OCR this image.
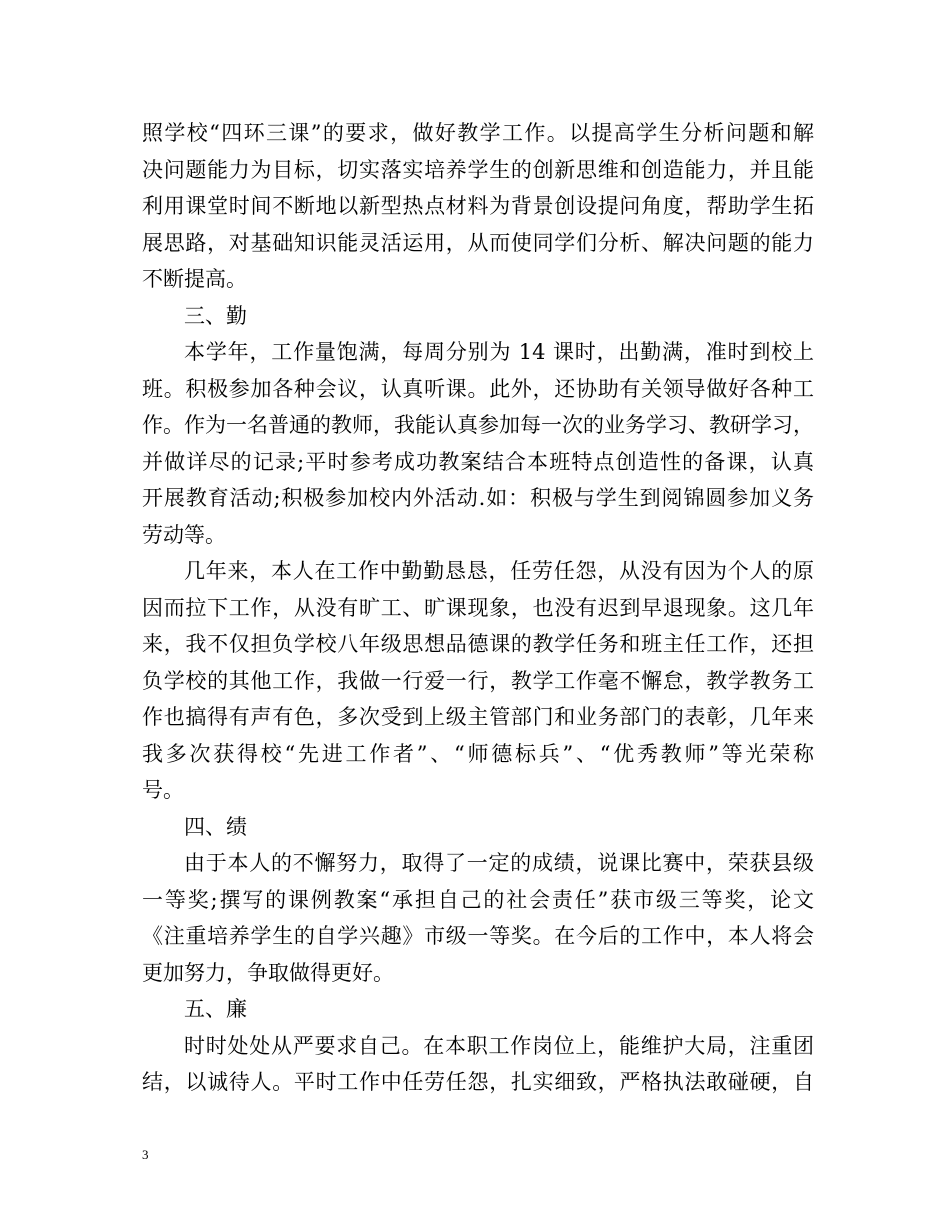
照学校“四环三课”的要求，做好教学工作。以提高学生分析问题和解
决问题能力为目标，切实落实培养学生的创新思维和创造能力，并且能
利用课堂时间不断地以新型热点材料为背景创设提问角度，帮助学生拓
展思路，对基础知识能灵活运用，从而使同学们分析、解决问题的能力
不断提高。
三、勤
本学年，工作量饱满，每周分别为 14 课时，出勤满，准时到校上
班。积极参加各种会议，认真听课。此外，还协助有关领导做好各种工
作。作为一名普通的教师，我能认真参加每一次的业务学习、教研学习，
并做详尽的记录;平时参考成功教案结合本班特点创造性的备课，认真
开展教育活动;积极参加校内外活动.如：积极与学生到阅锦圆参加义务
劳动等。
几年来，本人在工作中勤勤恳恳，任劳任怨，从没有因为个人的原
因而拉下工作，从没有旷工、旷课现象，也没有迟到早退现象。这几年
来，我不仅担负学校八年级思想品德课的教学任务和班主任工作，还担
负学校的其他工作，我做一行爱一行，教学工作毫不懈怠，教学教务工
作也搞得有声有色，多次受到上级主管部门和业务部门的表彰，几年来
我多次获得校“先进工作者”、“师德标兵”、“优秀教师”等光荣称
号。
四、绩
由于本人的不懈努力，取得了一定的成绩，说课比赛中，荣获县级
一等奖;撰写的课例教案“承担自己的社会责任”获市级三等奖，论文
《注重培养学生的自学兴趣》市级一等奖。在今后的工作中，本人将会
更加努力，争取做得更好。
五、廉
时时处处从严要求自己。在本职工作岗位上，能维护大局，注重团
结，以诚待人。平时工作中任劳任怨，扎实细致，严格执法敢碰硬，自
3
